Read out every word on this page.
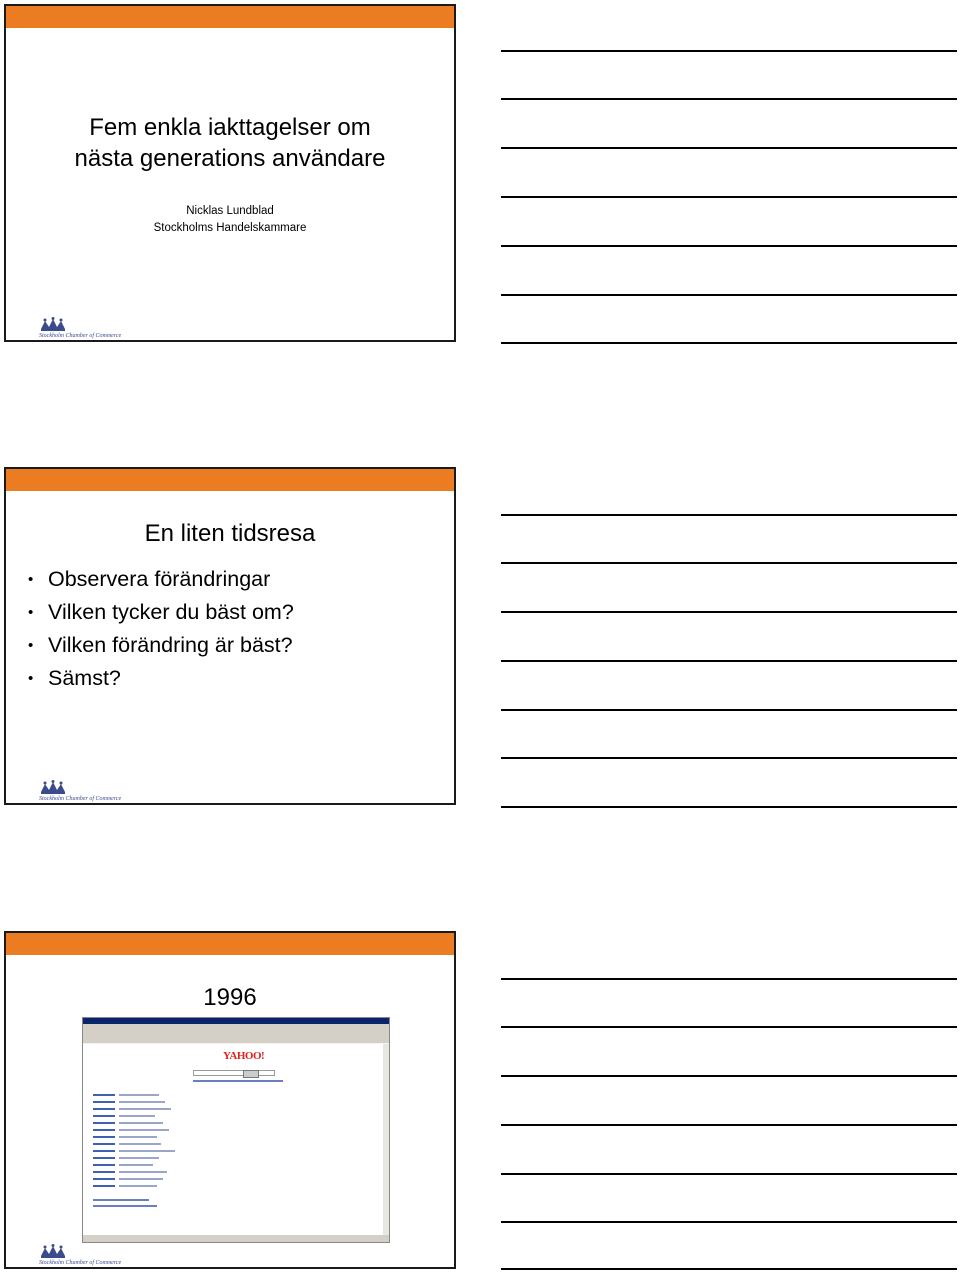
Fem enkla iakttagelser om
nästa generations användare
Nicklas Lundblad
Stockholms Handelskammare
Stockholm Chamber of Commerce
En liten tidsresa
• Observera förändringar
• Vilken tycker du bäst om?
• Vilken förändring är bäst?
• Sämst?
Stockholm Chamber of Commerce
1996
YAHOO!
Stockholm Chamber of Commerce
